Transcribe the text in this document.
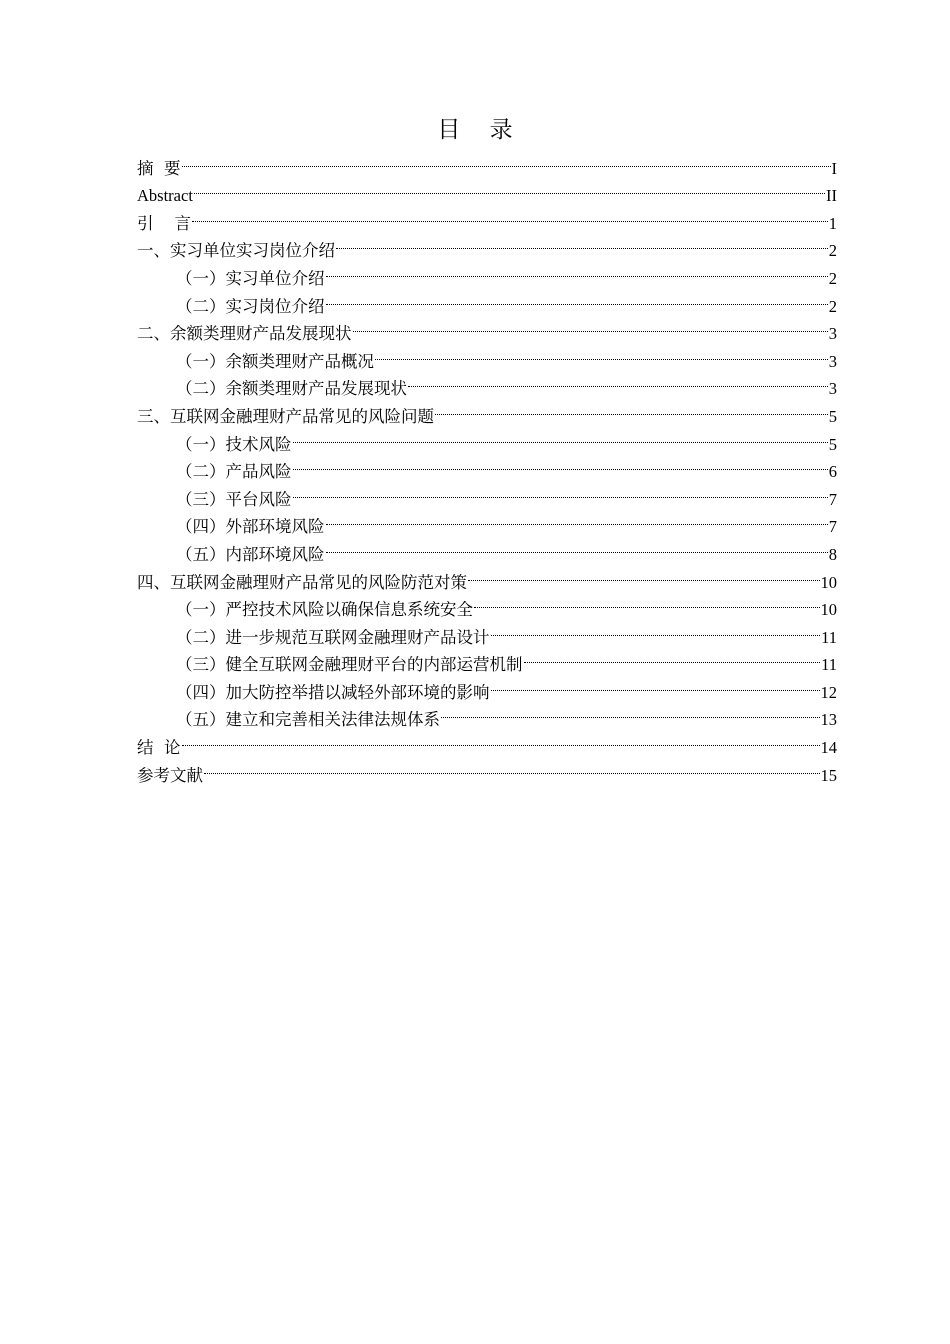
目    录
摘  要	I
Abstract	II
引    言	1
一、实习单位实习岗位介绍	2
（一）实习单位介绍	2
（二）实习岗位介绍	2
二、余额类理财产品发展现状	3
（一）余额类理财产品概况	3
（二）余额类理财产品发展现状	3
三、互联网金融理财产品常见的风险问题	5
（一）技术风险	5
（二）产品风险	6
（三）平台风险	7
（四）外部环境风险	7
（五）内部环境风险	8
四、互联网金融理财产品常见的风险防范对策	10
（一）严控技术风险以确保信息系统安全	10
（二）进一步规范互联网金融理财产品设计	11
（三）健全互联网金融理财平台的内部运营机制	11
（四）加大防控举措以减轻外部环境的影响	12
（五）建立和完善相关法律法规体系	13
结  论	14
参考文献	15
